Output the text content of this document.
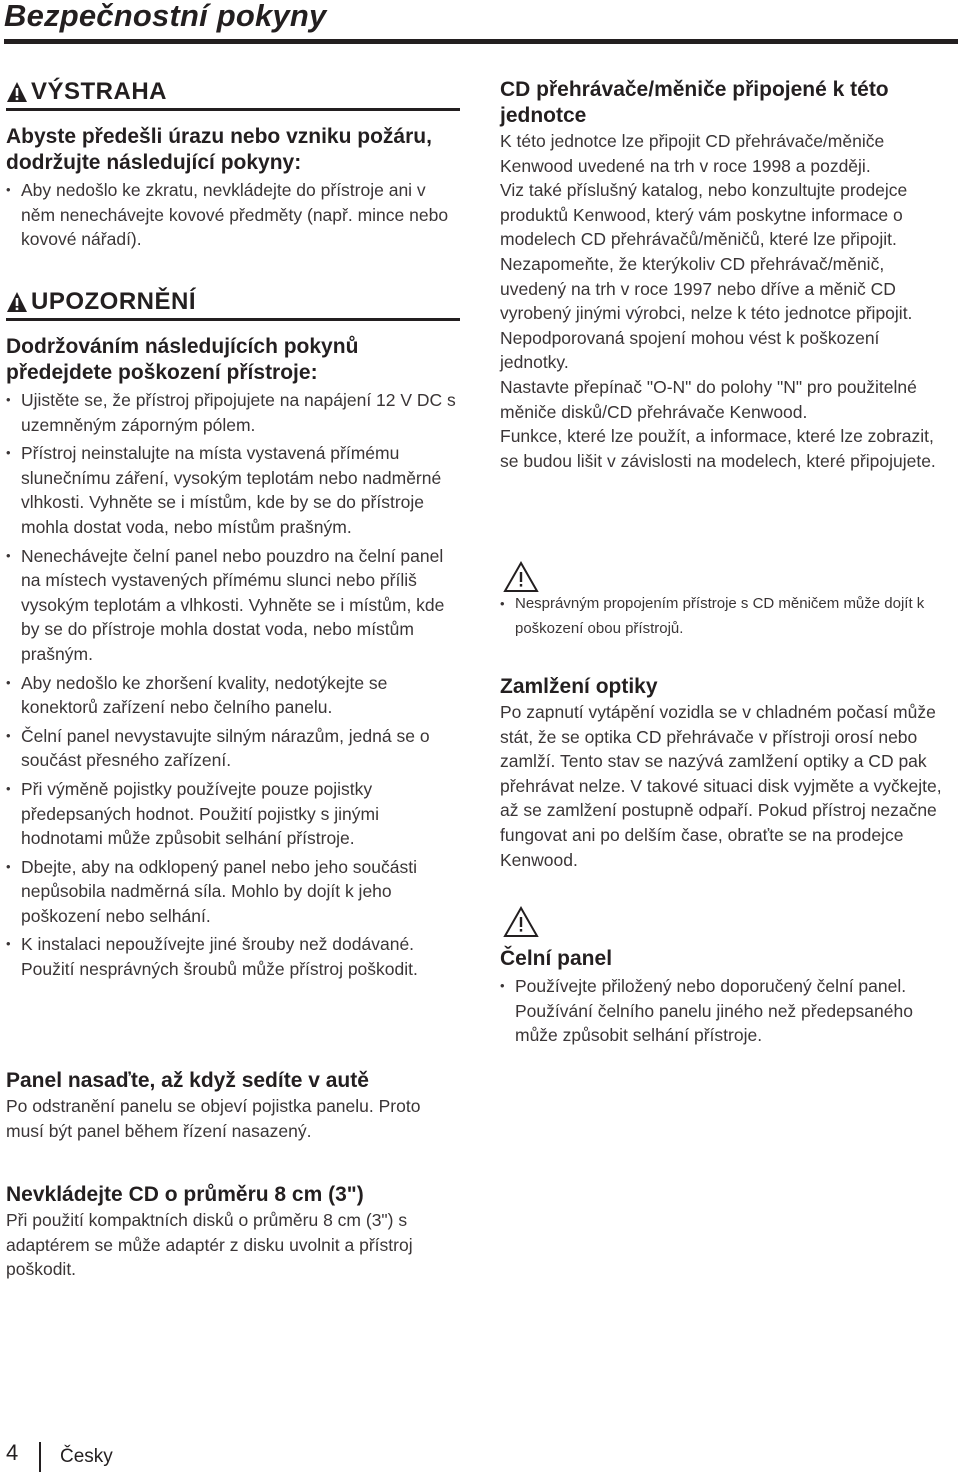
Bezpečnostní pokyny
VÝSTRAHA

Abyste předešli úrazu nebo vzniku požáru, dodržujte následující pokyny:

• Aby nedošlo ke zkratu, nevkládejte do přístroje ani v něm nenechávejte kovové předměty (např. mince nebo kovové nářadí).
UPOZORNĚNÍ

Dodržováním následujících pokynů předejdete poškození přístroje:

• Ujistěte se, že přístroj připojujete na napájení 12 V DC s uzemněným záporným pólem.
• Přístroj neinstalujte na místa vystavená přímému slunečnímu záření, vysokým teplotám nebo nadměrné vlhkosti. Vyhněte se i místům, kde by se do přístroje mohla dostat voda, nebo místům prašným.
• Nenechávejte čelní panel nebo pouzdro na čelní panel na místech vystavených přímému slunci nebo příliš vysokým teplotám a vlhkosti. Vyhněte se i místům, kde by se do přístroje mohla dostat voda, nebo místům prašným.
• Aby nedošlo ke zhoršení kvality, nedotýkejte se konektorů zařízení nebo čelního panelu.
• Čelní panel nevystavujte silným nárazům, jedná se o součást přesného zařízení.
• Při výměně pojistky používejte pouze pojistky předepsaných hodnot. Použití pojistky s jinými hodnotami může způsobit selhání přístroje.
• Dbejte, aby na odklopený panel nebo jeho součásti nepůsobila nadměrná síla. Mohlo by dojít k jeho poškození nebo selhání.
• K instalaci nepoužívejte jiné šrouby než dodávané. Použití nesprávných šroubů může přístroj poškodit.

Panel nasaďte, až když sedíte v autě

Po odstranění panelu se objeví pojistka panelu. Proto musí být panel během řízení nasazený.

Nevkládejte CD o průměru 8 cm (3")

Při použití kompaktních disků o průměru 8 cm (3") s adaptérem se může adaptér z disku uvolnit a přístroj poškodit.

CD přehrávače/měniče připojené k této jednotce

K této jednotce lze připojit CD přehrávače/měniče Kenwood uvedené na trh v roce 1998 a později.

Viz také příslušný katalog, nebo konzultujte prodejce produktů Kenwood, který vám poskytne informace o modelech CD přehrávačů/měničů, které lze připojit.

Nezapomeňte, že kterýkoliv CD přehrávač/měnič, uvedený na trh v roce 1997 nebo dříve a měnič CD vyrobený jinými výrobci, nelze k této jednotce připojit.

Nepodporovaná spojení mohou vést k poškození jednotky.

Nastavte přepínač "O-N" do polohy "N" pro použitelné měniče disků/CD přehrávače Kenwood.

Funkce, které lze použít, a informace, které lze zobrazit, se budou lišit v závislosti na modelech, které připojujete.

• Nesprávným propojením přístroje s CD měničem může dojít k poškození obou přístrojů.

Zamlžení optiky

Po zapnutí vytápění vozidla se v chladném počasí může stát, že se optika CD přehrávače v přístroji orosí nebo zamlží. Tento stav se nazývá zamlžení optiky a CD pak přehrávat nelze. V takové situaci disk vyjměte a vyčkejte, až se zamlžení postupně odpaří. Pokud přístroj nezačne fungovat ani po delším čase, obraťte se na prodejce Kenwood.

Čelní panel

• Používejte přiložený nebo doporučený čelní panel. Používání čelního panelu jiného než předepsaného může způsobit selhání přístroje.
4 Česky
